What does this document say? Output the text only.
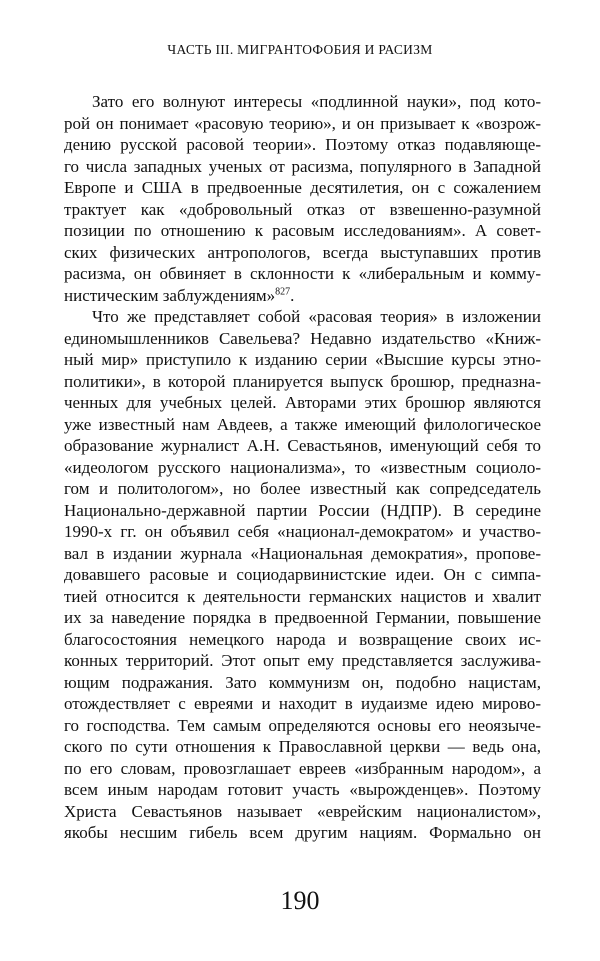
ЧАСТЬ III. МИГРАНТОФОБИЯ И РАСИЗМ
Зато его волнуют интересы «подлинной науки», под кото-
рой он понимает «расовую теорию», и он призывает к «возрож-
дению русской расовой теории». Поэтому отказ подавляюще-
го числа западных ученых от расизма, популярного в Западной
Европе и США в предвоенные десятилетия, он с сожалением
трактует как «добровольный отказ от взвешенно-разумной
позиции по отношению к расовым исследованиям». А совет-
ских физических антропологов, всегда выступавших против
расизма, он обвиняет в склонности к «либеральным и комму-
нистическим заблуждениям»$^{827}$.
Что же представляет собой «расовая теория» в изложении
единомышленников Савельева? Недавно издательство «Книж-
ный мир» приступило к изданию серии «Высшие курсы этно-
политики», в которой планируется выпуск брошюр, предназна-
ченных для учебных целей. Авторами этих брошюр являются
уже известный нам Авдеев, а также имеющий филологическое
образование журналист А.Н. Севастьянов, именующий себя то
«идеологом русского национализма», то «известным социоло-
гом и политологом», но более известный как сопредседатель
Национально-державной партии России (НДПР). В середине
1990-х гг. он объявил себя «национал-демократом» и участво-
вал в издании журнала «Национальная демократия», пропове-
довавшего расовые и социодарвинистские идеи. Он с симпа-
тией относится к деятельности германских нацистов и хвалит
их за наведение порядка в предвоенной Германии, повышение
благосостояния немецкого народа и возвращение своих ис-
конных территорий. Этот опыт ему представляется заслужива-
ющим подражания. Зато коммунизм он, подобно нацистам,
отождествляет с евреями и находит в иудаизме идею мирово-
го господства. Тем самым определяются основы его неоязыче-
ского по сути отношения к Православной церкви — ведь она,
по его словам, провозглашает евреев «избранным народом», а
всем иным народам готовит участь «вырожденцев». Поэтому
Христа Севастьянов называет «еврейским националистом»,
якобы несшим гибель всем другим нациям. Формально он
190
